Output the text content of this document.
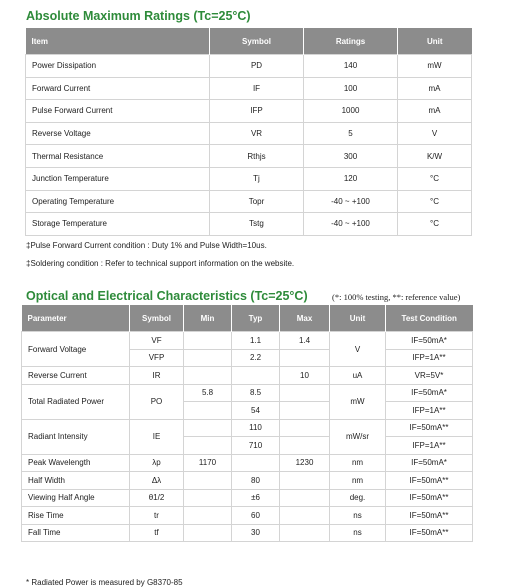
Absolute Maximum Ratings (Tc=25°C)
Item	Symbol	Ratings	Unit
Power Dissipation	PD	140	mW
Forward Current	IF	100	mA
Pulse Forward Current	IFP	1000	mA
Reverse Voltage	VR	5	V
Thermal Resistance	Rthjs	300	K/W
Junction Temperature	Tj	120	°C
Operating Temperature	Topr	-40 ~ +100	°C
Storage Temperature	Tstg	-40 ~ +100	°C
‡Pulse Forward Current condition : Duty 1% and Pulse Width=10us.
‡Soldering condition : Refer to technical support information on the website.
Optical and Electrical Characteristics (Tc=25°C)	(*: 100% testing, **: reference value)
Parameter	Symbol	Min	Typ	Max	Unit	Test Condition
Forward Voltage	VF		1.1	1.4	V	IF=50mA*
	VFP		2.2			IFP=1A**
Reverse Current	IR			10	uA	VR=5V*
Total Radiated Power	PO	5.8	8.5		mW	IF=50mA*
			54			IFP=1A**
Radiant Intensity	IE		110		mW/sr	IF=50mA**
			710			IFP=1A**
Peak Wavelength	λp	1170		1230	nm	IF=50mA*
Half Width	Δλ		80		nm	IF=50mA**
Viewing Half Angle	θ1/2		±6		deg.	IF=50mA**
Rise Time	tr		60		ns	IF=50mA**
Fall Time	tf		30		ns	IF=50mA**
* Radiated Power is measured by G8370-85
